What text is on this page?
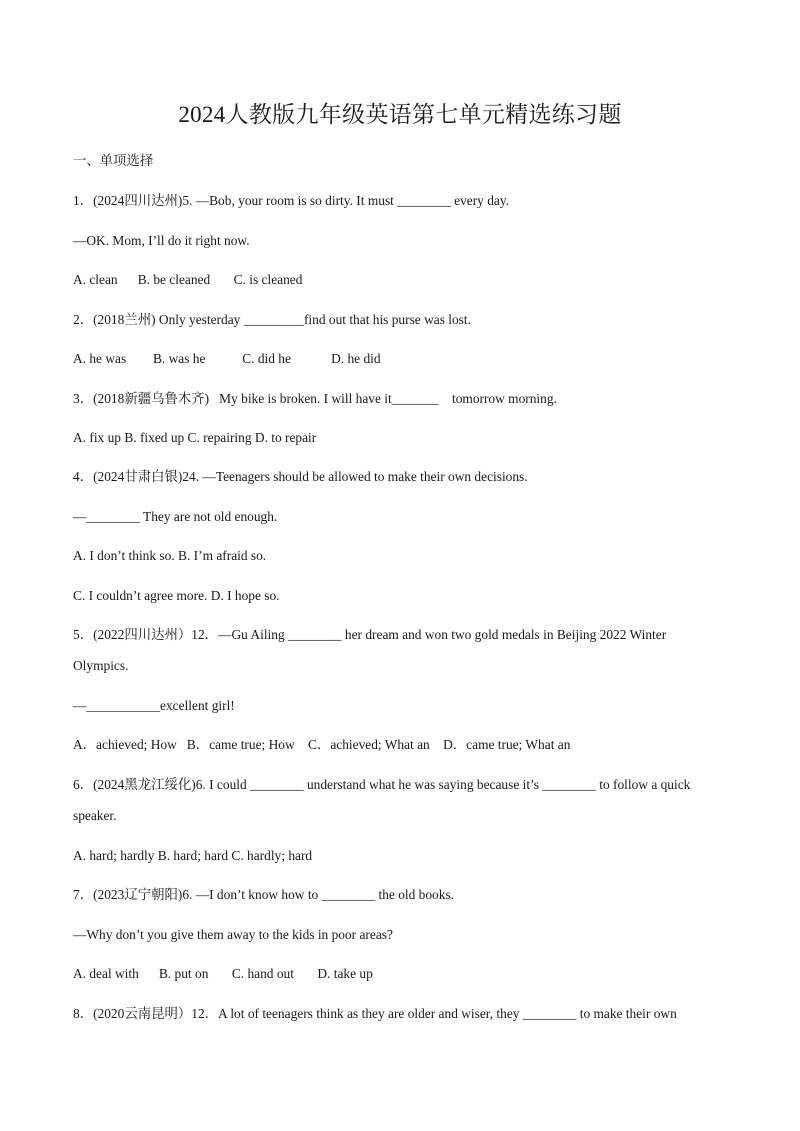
2024人教版九年级英语第七单元精选练习题
一、单项选择
1．(2024四川达州)5. —Bob, your room is so dirty. It must ________ every day.
—OK. Mom, I’ll do it right now.
A. clean      B. be cleaned       C. is cleaned
2．(2018兰州) Only yesterday _________find out that his purse was lost.
A. he was        B. was he           C. did he            D. he did
3．(2018新疆乌鲁木齐)   My bike is broken. I will have it_______    tomorrow morning.
A. fix up B. fixed up C. repairing D. to repair
4．(2024甘肃白银)24. —Teenagers should be allowed to make their own decisions.
—________ They are not old enough.
A. I don’t think so. B. I’m afraid so.
C. I couldn’t agree more. D. I hope so.
5．(2022四川达州）12．—Gu Ailing ________ her dream and won two gold medals in Beijing 2022 Winter
Olympics.
—___________excellent girl!
A．achieved; How   B．came true; How    C．achieved; What an    D．came true; What an
6．(2024黑龙江绥化)6. I could ________ understand what he was saying because it’s ________ to follow a quick
speaker.
A. hard; hardly B. hard; hard C. hardly; hard
7．(2023辽宁朝阳)6. —I don’t know how to ________ the old books.
—Why don’t you give them away to the kids in poor areas?
A. deal with      B. put on       C. hand out       D. take up
8．(2020云南昆明）12．A lot of teenagers think as they are older and wiser, they ________ to make their own
